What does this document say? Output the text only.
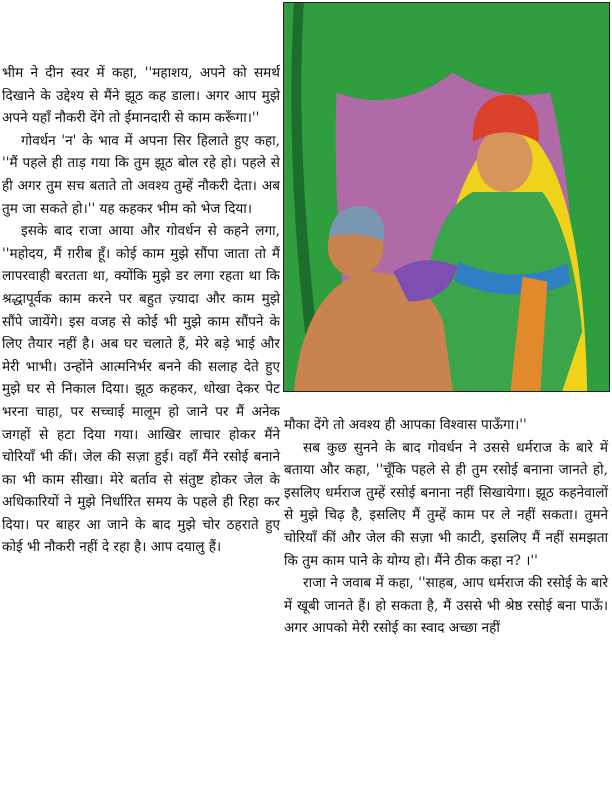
भीम ने दीन स्वर में कहा, ''महाशय, अपने को समर्थ दिखाने के उद्देश्य से मैंने झूठ कह डाला। अगर आप मुझे अपने यहाँ नौकरी देंगे तो ईमानदारी से काम करूँगा।''

गोवर्धन 'न' के भाव में अपना सिर हिलाते हुए कहा, ''मैं पहले ही ताड़ गया कि तुम झूठ बोल रहे हो। पहले से ही अगर तुम सच बताते तो अवश्य तुम्हें नौकरी देता। अब तुम जा सकते हो।'' यह कहकर भीम को भेज दिया।

इसके बाद राजा आया और गोवर्धन से कहने लगा, ''महोदय, मैं ग़रीब हूँ। कोई काम मुझे सौंपा जाता तो मैं लापरवाही बरतता था, क्योंकि मुझे डर लगा रहता था कि श्रद्धापूर्वक काम करने पर बहुत ज़्यादा और काम मुझे सौंपे जायेंगे। इस वजह से कोई भी मुझे काम सौंपने के लिए तैयार नहीं है। अब घर चलाते हैं, मेरे बड़े भाई और मेरी भाभी। उन्होंने आत्मनिर्भर बनने की सलाह देते हुए मुझे घर से निकाल दिया। झूठ कहकर, धोखा देकर पेट भरना चाहा, पर सच्चाई मालूम हो जाने पर मैं अनेक जगहों से हटा दिया गया। आखिर लाचार होकर मैंने चोरियाँ भी कीं। जेल की सज़ा हुई। वहाँ मैंने रसोई बनाने का भी काम सीखा। मेरे बर्ताव से संतुष्ट होकर जेल के अधिकारियों ने मुझे निर्धारित समय के पहले ही रिहा कर दिया। पर बाहर आ जाने के बाद मुझे चोर ठहराते हुए कोई भी नौकरी नहीं दे रहा है। आप दयालु हैं।

मौका देंगे तो अवश्य ही आपका विश्वास पाऊँगा।''

सब कुछ सुनने के बाद गोवर्धन ने उससे धर्मराज के बारे में बताया और कहा, ''चूँकि पहले से ही तुम रसोई बनाना जानते हो, इसलिए धर्मराज तुम्हें रसोई बनाना नहीं सिखायेगा। झूठ कहनेवालों से मुझे चिढ़ है, इसलिए मैं तुम्हें काम पर ले नहीं सकता। तुमने चोरियाँ कीं और जेल की सज़ा भी काटी, इसलिए मैं नहीं समझता कि तुम काम पाने के योग्य हो। मैंने ठीक कहा न? ।''

राजा ने जवाब में कहा, ''साहब, आप धर्मराज की रसोई के बारे में खूबी जानते हैं। हो सकता है, मैं उससे भी श्रेष्ठ रसोई बना पाऊँ। अगर आपको मेरी रसोई का स्वाद अच्छा नहीं
